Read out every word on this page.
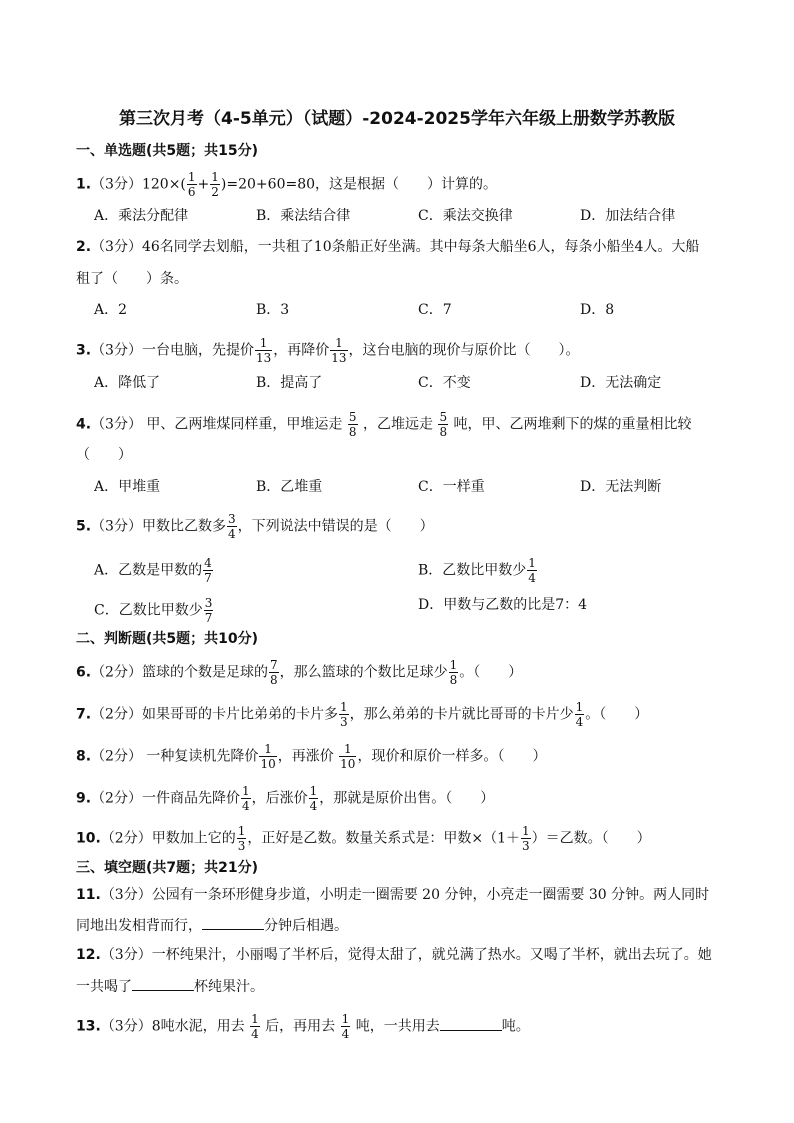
第三次月考（4-5单元）（试题）-2024-2025学年六年级上册数学苏教版
一、单选题(共5题；共15分)
1.（3分）$120\times( \frac{1}{6} + \frac{1}{2} )=20+60=80$，这是根据（　　）计算的。
A．乘法分配律	B．乘法结合律	C．乘法交换律	D．加法结合律
2.（3分）46名同学去划船，一共租了10条船正好坐满。其中每条大船坐6人，每条小船坐4人。大船
租了（　　）条。
A．2	B．3	C．7	D．8
3.（3分）一台电脑，先提价 $\frac{1}{13}$ ，再降价 $\frac{1}{13}$ ，这台电脑的现价与原价比（　　）。
A．降低了	B．提高了	C．不变	D．无法确定
4.（3分） 甲、乙两堆煤同样重，甲堆运走 $\frac{5}{8}$ ，乙堆远走 $\frac{5}{8}$ 吨，甲、乙两堆剩下的煤的重量相比较
（　　）
A．甲堆重	B．乙堆重	C．一样重	D．无法判断
5.（3分）甲数比乙数多 $\frac{3}{4}$ ，下列说法中错误的是（　　）
A．乙数是甲数的 $\frac{4}{7}$	B．乙数比甲数少 $\frac{1}{4}$
C．乙数比甲数少 $\frac{3}{7}$	D．甲数与乙数的比是7：4
二、判断题(共5题；共10分)
6.（2分）篮球的个数是足球的 $\frac{7}{8}$ ，那么篮球的个数比足球少 $\frac{1}{8}$ 。（　　）
7.（2分）如果哥哥的卡片比弟弟的卡片多 $\frac{1}{3}$ ，那么弟弟的卡片就比哥哥的卡片少 $\frac{1}{4}$ 。（　　）
8.（2分） 一种复读机先降价 $\frac{1}{10}$ ，再涨价 $\frac{1}{10}$ ，现价和原价一样多。（　　）
9.（2分）一件商品先降价 $\frac{1}{4}$ ，后涨价 $\frac{1}{4}$ ，那就是原价出售。（　　）
10.（2分）甲数加上它的 $\frac{1}{3}$ ，正好是乙数。数量关系式是：甲数$\times(1+ \frac{1}{3}$ ）＝乙数。（　　）
三、填空题(共7题；共21分)
11.（3分）公园有一条环形健身步道，小明走一圈需要 20 分钟，小亮走一圈需要 30 分钟。两人同时
同地出发相背而行，	分钟后相遇。
12.（3分）一杯纯果汁，小丽喝了半杯后，觉得太甜了，就兑满了热水。又喝了半杯，就出去玩了。她
一共喝了	杯纯果汁。
13.（3分）8吨水泥，用去 $\frac{1}{4}$ 后，再用去 $\frac{1}{4}$ 吨，一共用去	吨。
